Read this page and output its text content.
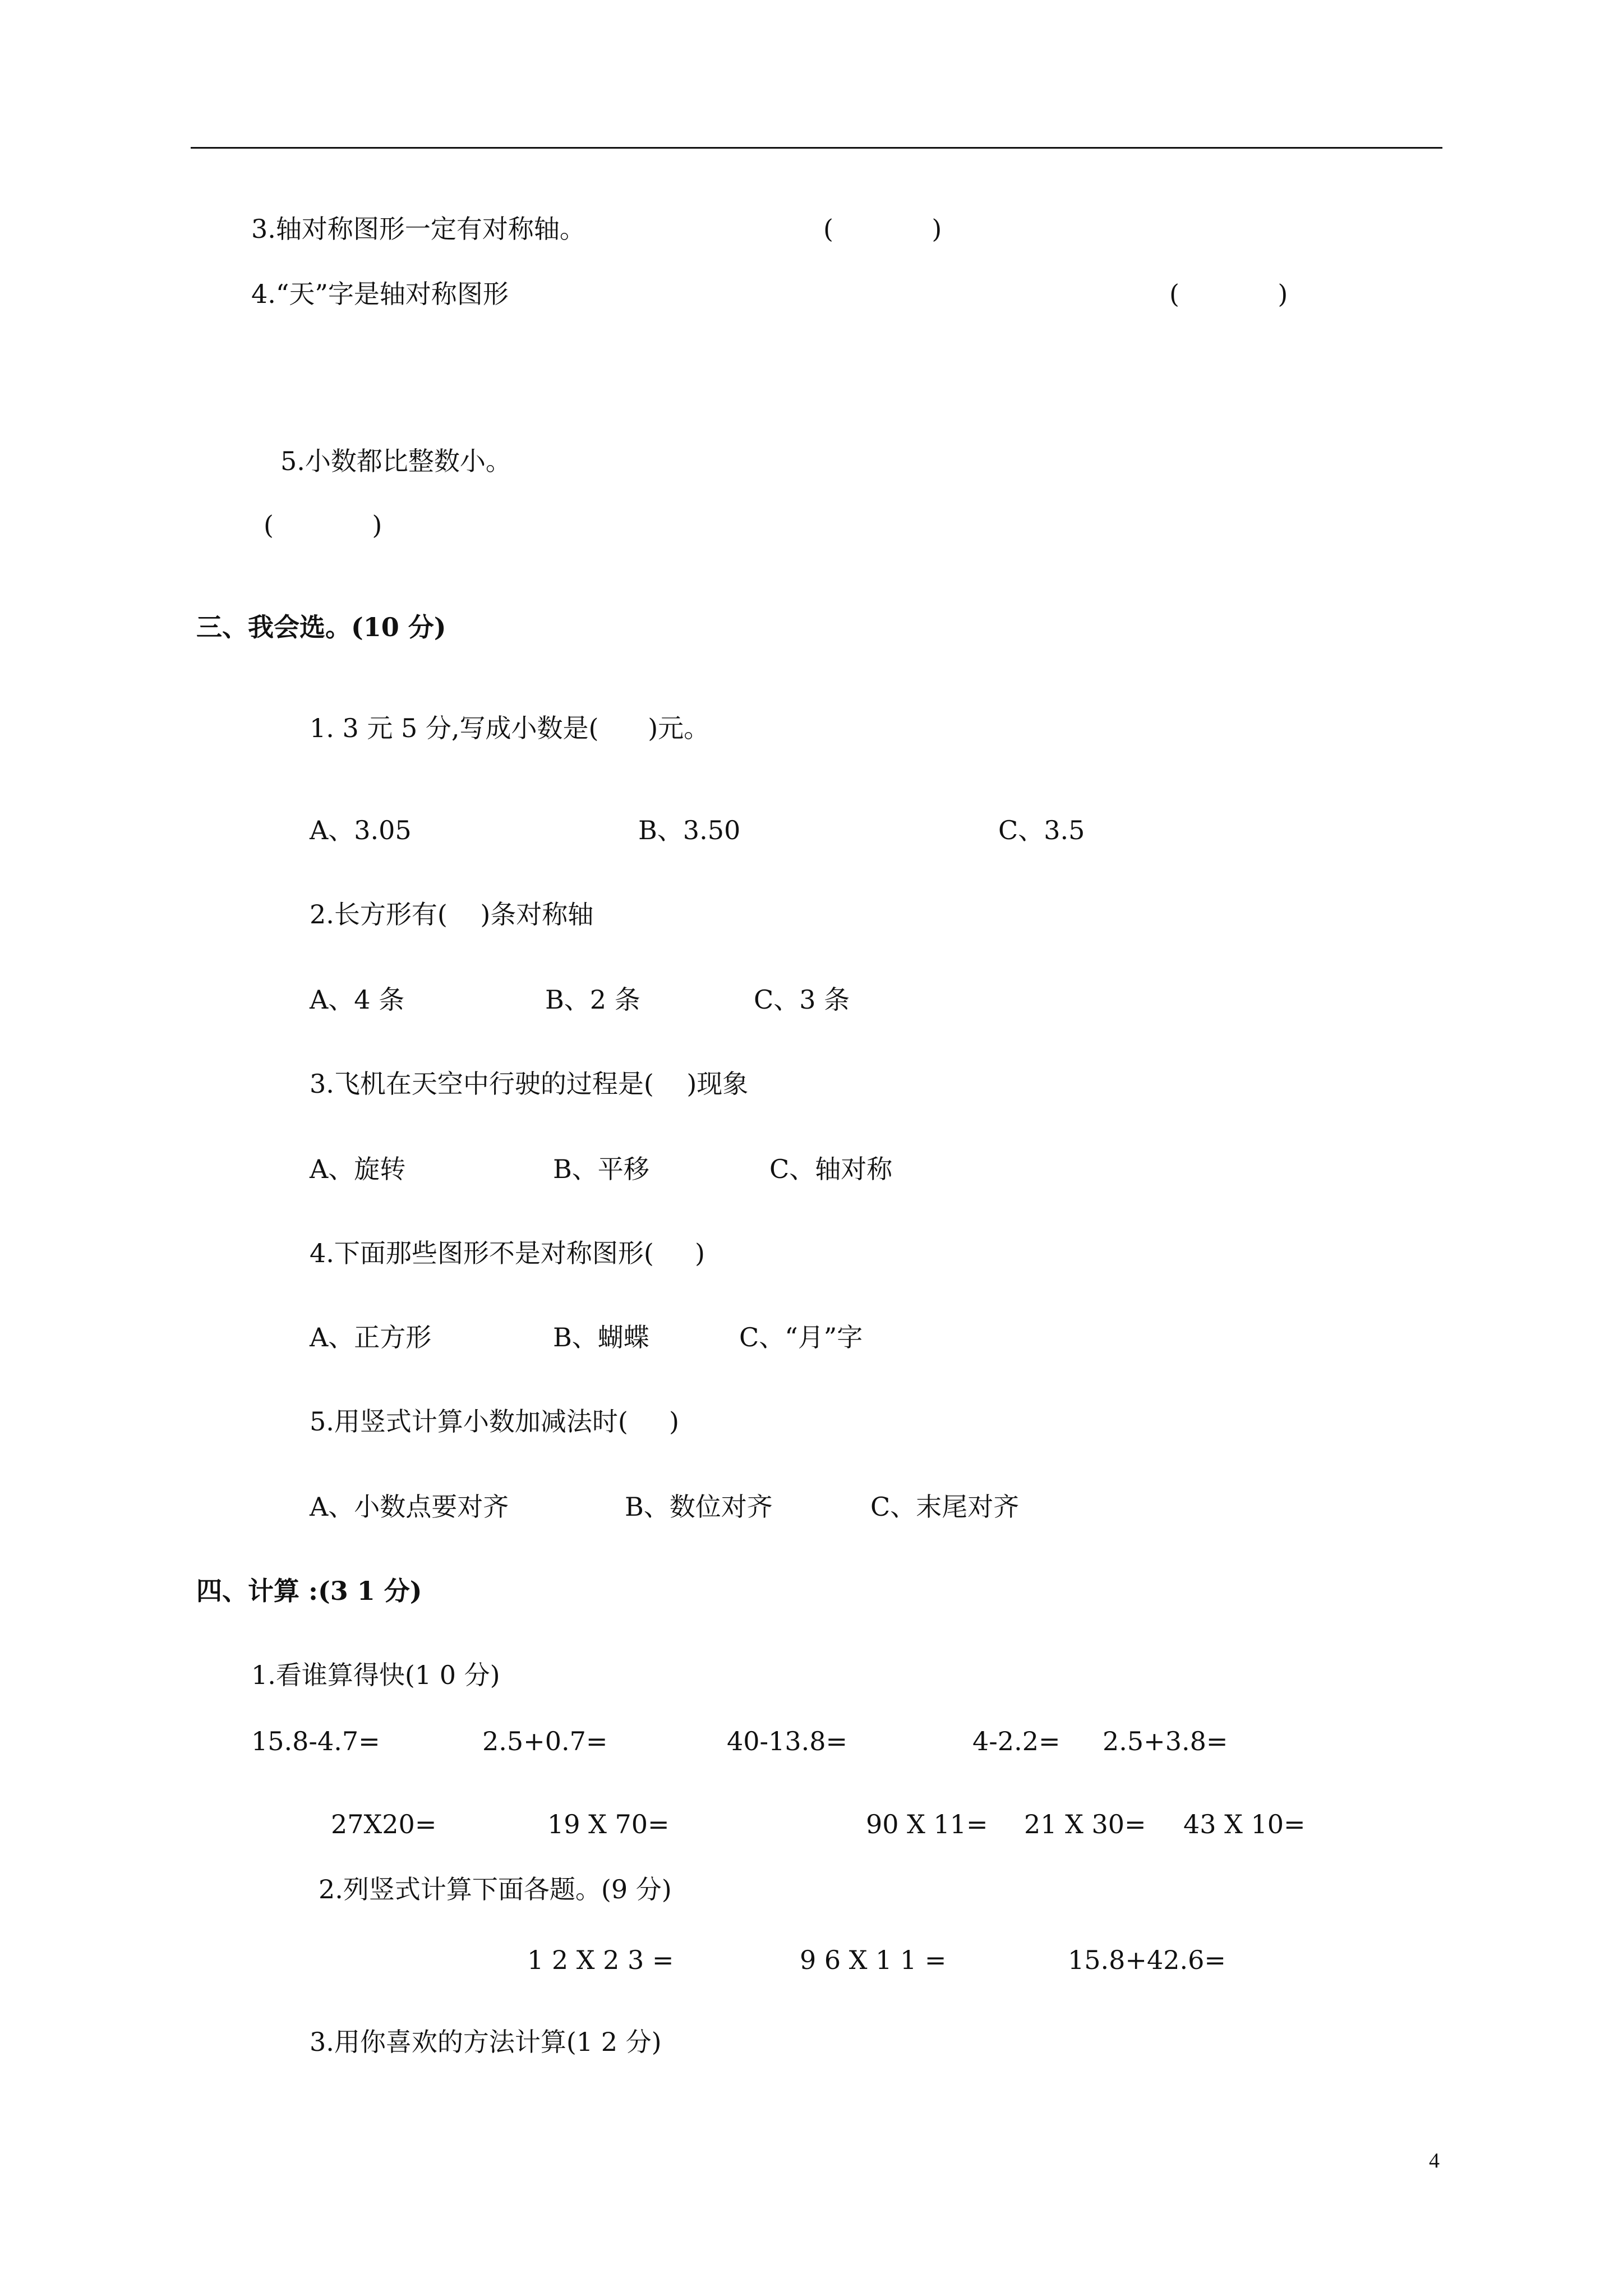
3.轴对称图形一定有对称轴。	(            )
4.“天”字是轴对称图形	(            )
5.小数都比整数小。
(            )
三、我会选。(10 分)
1. 3 元 5 分,写成小数是(      )元。
A、3.05	B、3.50	C、3.5
2.长方形有(    )条对称轴
A、4 条	B、2 条	C、3 条
3.飞机在天空中行驶的过程是(    )现象
A、旋转	B、平移	C、轴对称
4.下面那些图形不是对称图形(     )
A、正方形	B、蝴蝶	C、“月”字
5.用竖式计算小数加减法时(     )
A、小数点要对齐	B、数位对齐	C、末尾对齐
四、计算 :(3 1 分)
1.看谁算得快(1 0 分)
15.8-4.7=	2.5+0.7=	40-13.8=	4-2.2= 2.5+3.8=
27X20=	19 X 70=	90 X 11= 21 X 30= 43 X 10=
2.列竖式计算下面各题。(9 分)
1 2 X 2 3 =	9 6 X 1 1 =	15.8+42.6=
3.用你喜欢的方法计算(1 2 分)
4
